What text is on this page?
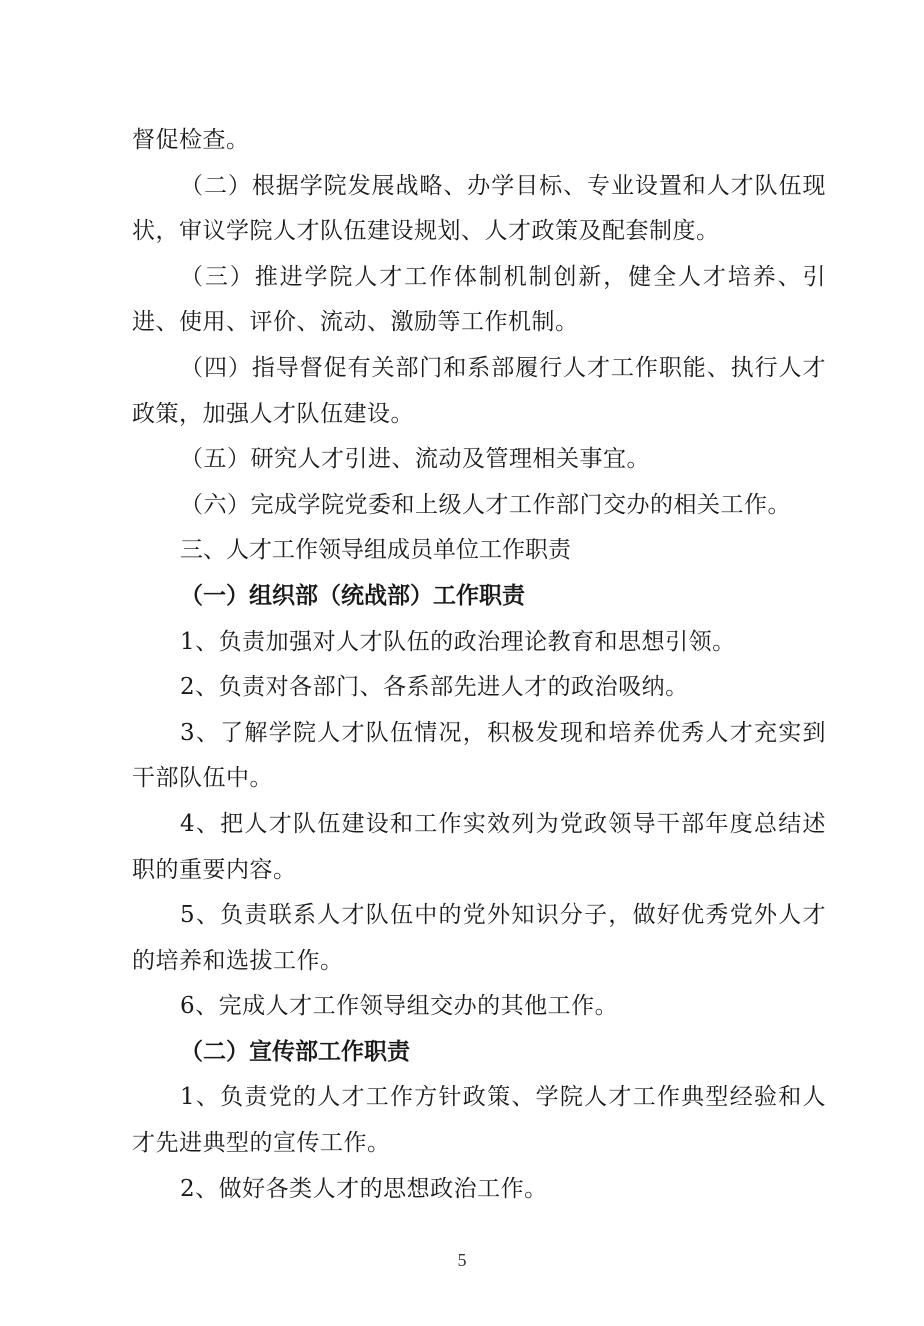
督促检查。

（二）根据学院发展战略、办学目标、专业设置和人才队伍现状，审议学院人才队伍建设规划、人才政策及配套制度。

（三）推进学院人才工作体制机制创新，健全人才培养、引进、使用、评价、流动、激励等工作机制。

（四）指导督促有关部门和系部履行人才工作职能、执行人才政策，加强人才队伍建设。

（五）研究人才引进、流动及管理相关事宜。

（六）完成学院党委和上级人才工作部门交办的相关工作。

三、人才工作领导组成员单位工作职责

（一）组织部（统战部）工作职责

1、负责加强对人才队伍的政治理论教育和思想引领。

2、负责对各部门、各系部先进人才的政治吸纳。

3、了解学院人才队伍情况，积极发现和培养优秀人才充实到干部队伍中。

4、把人才队伍建设和工作实效列为党政领导干部年度总结述职的重要内容。

5、负责联系人才队伍中的党外知识分子，做好优秀党外人才的培养和选拔工作。

6、完成人才工作领导组交办的其他工作。

（二）宣传部工作职责

1、负责党的人才工作方针政策、学院人才工作典型经验和人才先进典型的宣传工作。

2、做好各类人才的思想政治工作。

5
